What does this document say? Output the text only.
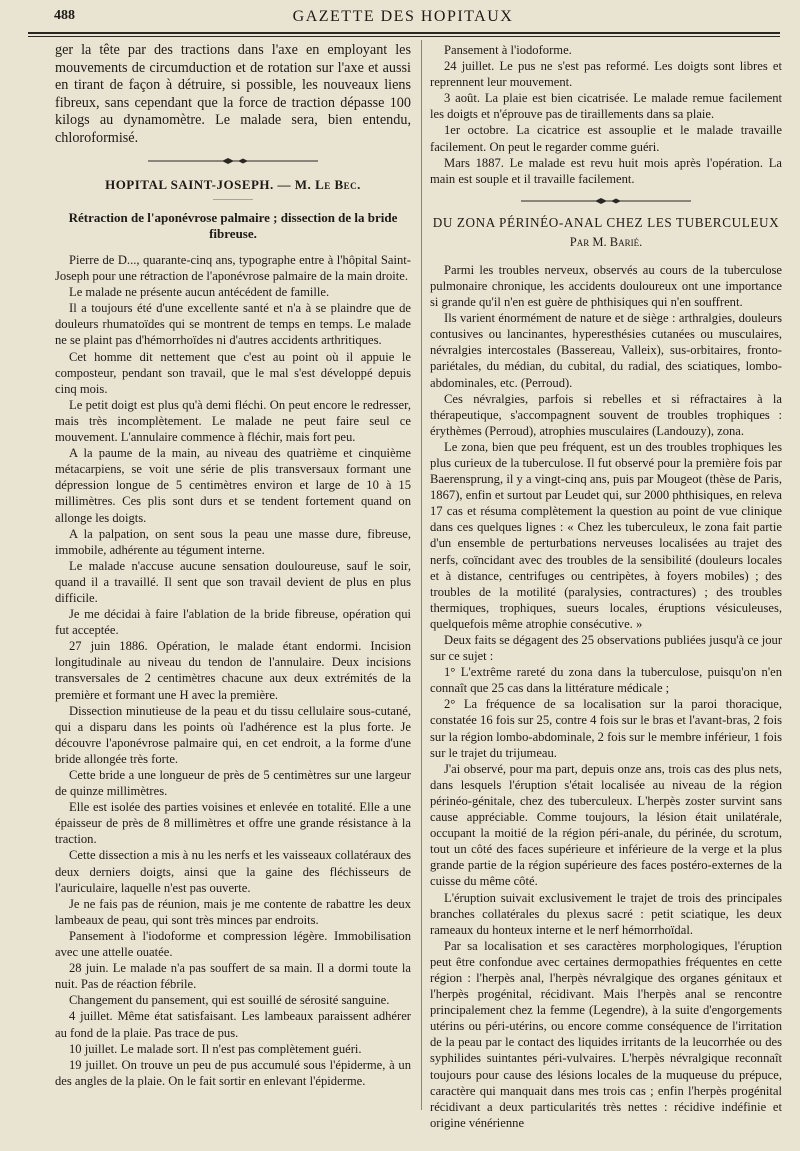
488	GAZETTE DES HOPITAUX

ger la tête par des tractions dans l'axe en employant les mouvements de circumduction et de rotation sur l'axe et aussi en tirant de façon à détruire, si possible, les nouveaux liens fibreux, sans cependant que la force de traction dépasse 100 kilogs au dynamomètre. Le malade sera, bien entendu, chloroformisé.

HOPITAL SAINT-JOSEPH. — M. Le Bec.
Rétraction de l'aponévrose palmaire ; dissection de la bride fibreuse.

Pierre de D..., quarante-cinq ans, typographe entre à l'hôpital Saint-Joseph pour une rétraction de l'aponévrose palmaire de la main droite.

Le malade ne présente aucun antécédent de famille.

Il a toujours été d'une excellente santé et n'a à se plaindre que de douleurs rhumatoïdes qui se montrent de temps en temps. Le malade ne se plaint pas d'hémorrhoïdes ni d'autres accidents arthritiques.

Cet homme dit nettement que c'est au point où il appuie le composteur, pendant son travail, que le mal s'est développé depuis cinq mois.

Le petit doigt est plus qu'à demi fléchi. On peut encore le redresser, mais très incomplètement. Le malade ne peut faire seul ce mouvement. L'annulaire commence à fléchir, mais fort peu.

A la paume de la main, au niveau des quatrième et cinquième métacarpiens, se voit une série de plis transversaux formant une dépression longue de 5 centimètres environ et large de 10 à 15 millimètres. Ces plis sont durs et se tendent fortement quand on allonge les doigts.

A la palpation, on sent sous la peau une masse dure, fibreuse, immobile, adhérente au tégument interne.

Le malade n'accuse aucune sensation douloureuse, sauf le soir, quand il a travaillé. Il sent que son travail devient de plus en plus difficile.

Je me décidai à faire l'ablation de la bride fibreuse, opération qui fut acceptée.

27 juin 1886. Opération, le malade étant endormi. Incision longitudinale au niveau du tendon de l'annulaire. Deux incisions transversales de 2 centimètres chacune aux deux extrémités de la première et formant une H avec la première.

Dissection minutieuse de la peau et du tissu cellulaire sous-cutané, qui a disparu dans les points où l'adhérence est la plus forte. Je découvre l'aponévrose palmaire qui, en cet endroit, a la forme d'une bride allongée très forte.

Cette bride a une longueur de près de 5 centimètres sur une largeur de quinze millimètres.

Elle est isolée des parties voisines et enlevée en totalité. Elle a une épaisseur de près de 8 millimètres et offre une grande résistance à la traction.

Cette dissection a mis à nu les nerfs et les vaisseaux collatéraux des deux derniers doigts, ainsi que la gaine des fléchisseurs de l'auriculaire, laquelle n'est pas ouverte.

Je ne fais pas de réunion, mais je me contente de rabattre les deux lambeaux de peau, qui sont très minces par endroits.

Pansement à l'iodoforme et compression légère. Immobilisation avec une attelle ouatée.

28 juin. Le malade n'a pas souffert de sa main. Il a dormi toute la nuit. Pas de réaction fébrile.

Changement du pansement, qui est souillé de sérosité sanguine.

4 juillet. Même état satisfaisant. Les lambeaux paraissent adhérer au fond de la plaie. Pas trace de pus.

10 juillet. Le malade sort. Il n'est pas complètement guéri.

19 juillet. On trouve un peu de pus accumulé sous l'épiderme, à un des angles de la plaie. On le fait sortir en enlevant l'épiderme.

Pansement à l'iodoforme.

24 juillet. Le pus ne s'est pas reformé. Les doigts sont libres et reprennent leur mouvement.

3 août. La plaie est bien cicatrisée. Le malade remue facilement les doigts et n'éprouve pas de tiraillements dans sa plaie.

1er octobre. La cicatrice est assouplie et le malade travaille facilement. On peut le regarder comme guéri.

Mars 1887. Le malade est revu huit mois après l'opération. La main est souple et il travaille facilement.

DU ZONA PÉRINÉO-ANAL CHEZ LES TUBERCULEUX
Par M. Barié.

Parmi les troubles nerveux, observés au cours de la tuberculose pulmonaire chronique, les accidents douloureux ont une importance si grande qu'il n'en est guère de phthisiques qui n'en souffrent.

Ils varient énormément de nature et de siège : arthralgies, douleurs contusives ou lancinantes, hyperesthésies cutanées ou musculaires, névralgies intercostales (Bassereau, Valleix), sus-orbitaires, fronto-pariétales, du médian, du cubital, du radial, des sciatiques, lombo-abdominales, etc. (Perroud).

Ces névralgies, parfois si rebelles et si réfractaires à la thérapeutique, s'accompagnent souvent de troubles trophiques : érythèmes (Perroud), atrophies musculaires (Landouzy), zona.

Le zona, bien que peu fréquent, est un des troubles trophiques les plus curieux de la tuberculose. Il fut observé pour la première fois par Baerensprung, il y a vingt-cinq ans, puis par Mougeot (thèse de Paris, 1867), enfin et surtout par Leudet qui, sur 2000 phthisiques, en releva 17 cas et résuma complètement la question au point de vue clinique dans ces quelques lignes : « Chez les tuberculeux, le zona fait partie d'un ensemble de perturbations nerveuses localisées au trajet des nerfs, coïncidant avec des troubles de la sensibilité (douleurs locales et à distance, centrifuges ou centripètes, à foyers mobiles) ; des troubles de la motilité (paralysies, contractures) ; des troubles thermiques, trophiques, sueurs locales, éruptions vésiculeuses, quelquefois même atrophie consécutive. »

Deux faits se dégagent des 25 observations publiées jusqu'à ce jour sur ce sujet :

1° L'extrême rareté du zona dans la tuberculose, puisqu'on n'en connaît que 25 cas dans la littérature médicale ;

2° La fréquence de sa localisation sur la paroi thoracique, constatée 16 fois sur 25, contre 4 fois sur le bras et l'avant-bras, 2 fois sur la région lombo-abdominale, 2 fois sur le membre inférieur, 1 fois sur le trajet du trijumeau.

J'ai observé, pour ma part, depuis onze ans, trois cas des plus nets, dans lesquels l'éruption s'était localisée au niveau de la région périnéo-génitale, chez des tuberculeux. L'herpès zoster survint sans cause appréciable. Comme toujours, la lésion était unilatérale, occupant la moitié de la région péri-anale, du périnée, du scrotum, tout un côté des faces supérieure et inférieure de la verge et la plus grande partie de la région supérieure des faces postéro-externes de la cuisse du même côté.

L'éruption suivait exclusivement le trajet de trois des principales branches collatérales du plexus sacré : petit sciatique, les deux rameaux du honteux interne et le nerf hémorrhoïdal.

Par sa localisation et ses caractères morphologiques, l'éruption peut être confondue avec certaines dermopathies fréquentes en cette région : l'herpès anal, l'herpès névralgique des organes génitaux et l'herpès progénital, récidivant. Mais l'herpès anal se rencontre principalement chez la femme (Legendre), à la suite d'engorgements utérins ou péri-utérins, ou encore comme conséquence de l'irritation de la peau par le contact des liquides irritants de la leucorrhée ou des syphilides suintantes péri-vulvaires. L'herpès névralgique reconnaît toujours pour cause des lésions locales de la muqueuse du prépuce, caractère qui manquait dans mes trois cas ; enfin l'herpès progénital récidivant a deux particularités très nettes : récidive indéfinie et origine vénérienne
